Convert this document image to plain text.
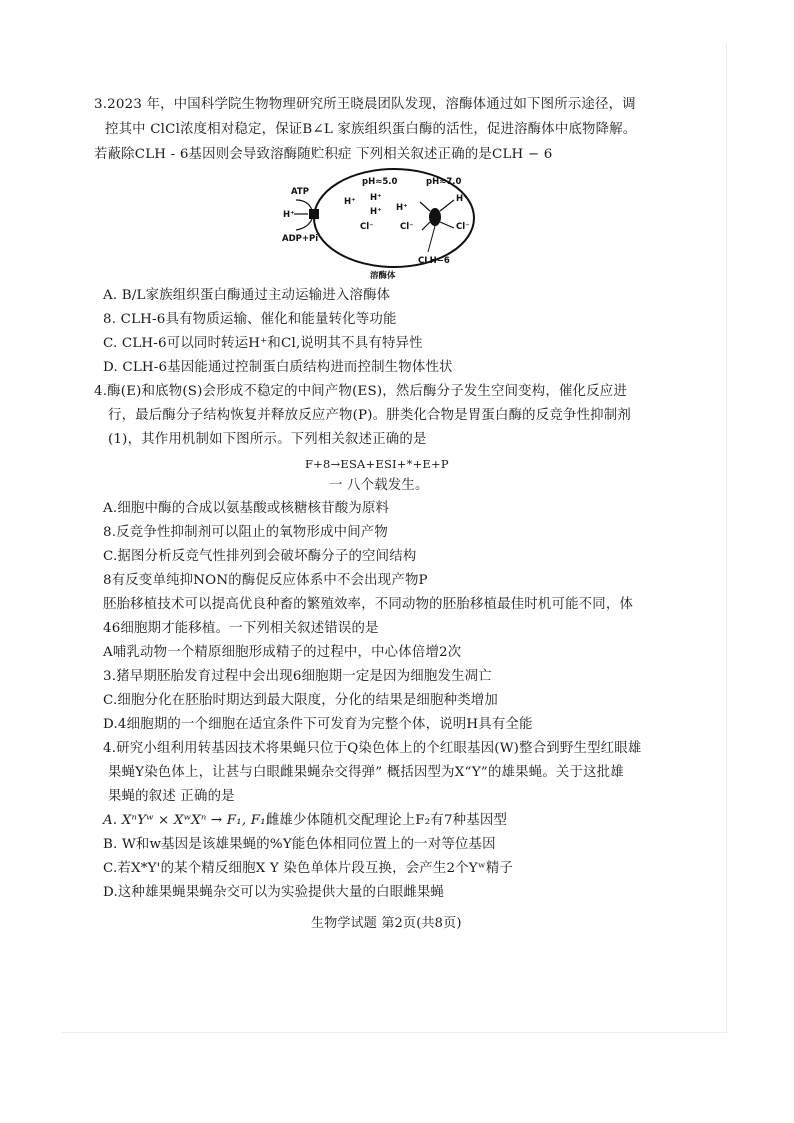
3.2023 年，中国科学院生物物理研究所王晓晨团队发现，溶酶体通过如下图所示途径，调
控其中 ClCl浓度相对稳定，保证B∠L 家族组织蛋白酶的活性，促进溶酶体中底物降解。
若蔽除CLH - 6基因则会导致溶酶随贮积症 下列相关叙述正确的是CLH − 6
ATP
H⁺
ADP+Pi
pH≈5.0	pH≈7.0
H⁺ H⁺
H⁺ H⁺
Cl⁻	Cl⁻
H⁺
Cl⁻
CLH−6
溶酶体
A. B/L家族组织蛋白酶通过主动运输进入溶酶体
8. CLH-6具有物质运输、催化和能量转化等功能
C. CLH-6可以同时转运H⁺和Cl,说明其不具有特异性
D. CLH-6基因能通过控制蛋白质结构进而控制生物体性状
4.酶(E)和底物(S)会形成不稳定的中间产物(ES)，然后酶分子发生空间变构，催化反应进
行，最后酶分子结构恢复并释放反应产物(P)。肼类化合物是胃蛋白酶的反竞争性抑制剂
(1)，其作用机制如下图所示。下列相关叙述正确的是
F+8→ESA+ESI+*+E+P
一 八个载发生。
A.细胞中酶的合成以氨基酸或核糖核苷酸为原料
8.反竞争性抑制剂可以阻止的氧物形成中间产物
C.据图分析反竞气性排列到会破坏酶分子的空间结构
8有反变单纯抑NON的酶促反应体系中不会出现产物P
胚胎移植技术可以提高优良种畜的繁殖效率，不同动物的胚胎移植最佳时机可能不同，体
46细胞期才能移植。一下列相关叙述错误的是
A哺乳动物一个精原细胞形成精子的过程中，中心体倍增2次
3.猪早期胚胎发育过程中会出现6细胞期一定是因为细胞发生凋亡
C.细胞分化在胚胎时期达到最大限度，分化的结果是细胞种类增加
D.4细胞期的一个细胞在适宜条件下可发育为完整个体，说明H具有全能
4.研究小组利用转基因技术将果蝇只位于Q染色体上的个红眼基因(W)整合到野生型红眼雄
果蝇Y染色体上，让甚与白眼雌果蝇杂交得弹” 概括因型为X“Y”的雄果蝇。关于这批雄
果蝇的叙述 正确的是
A. XⁿYʷ × XʷXⁿ → F₁, F₁雌雄少体随机交配理论上F₂有7种基因型
B. W和w基因是该雄果蝇的%Y能色体相同位置上的一对等位基因
C.若X*Y'的某个精反细胞X Y 染色单体片段互换，会产生2个Yʷ精子
D.这种雄果蝇果蝇杂交可以为实验提供大量的白眼雌果蝇
生物学试题 第2页(共8页)
